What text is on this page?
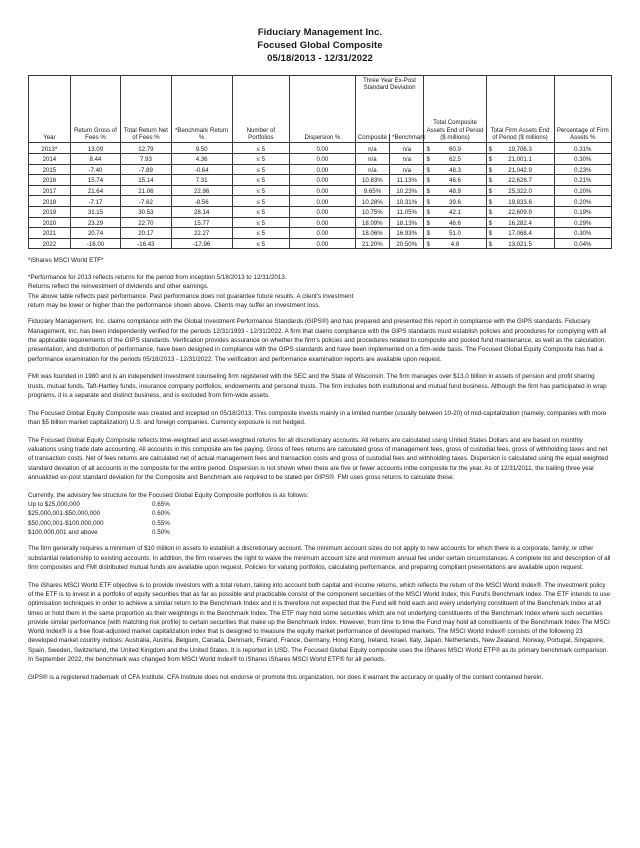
Fiduciary Management Inc.
Focused Global Composite
05/18/2013 - 12/31/2022
Year	Return Gross of Fees %	Total Return Net of Fees %	*Benchmark Return %	Number of Portfolios	Dispersion %	Three Year Ex-Post Standard Deviation		Total Composite Assets End of Period ($ millions)	Total Firm Assets End of Period ($ millions)	Percentage of Firm Assets %
						Composite	*Benchmark			
2013*	13.09	12.79	9.50	≤ 5	0.00	n/a	n/a	$ 60.9	$ 19,706.3	0.31%
2014	8.44	7.93	4.36	≤ 5	0.00	n/a	n/a	$ 62.5	$ 21,001.1	0.30%
2015	-7.40	-7.89	-0.64	≤ 5	0.00	n/a	n/a	$ 48.3	$ 21,042.9	0.23%
2016	15.74	15.14	7.31	≤ 5	0.00	10.83%	11.13%	$ 46.6	$ 22,626.7	0.21%
2017	21.64	21.06	22.96	≤ 5	0.00	9.65%	10.23%	$ 48.9	$ 25,322.0	0.20%
2018	-7.17	-7.62	-8.56	≤ 5	0.00	10.28%	10.31%	$ 39.6	$ 19,833.6	0.20%
2019	31.15	30.53	28.14	≤ 5	0.00	10.75%	11.05%	$ 42.1	$ 22,609.9	0.19%
2020	23.29	22.70	15.77	≤ 5	0.00	18.09%	18.13%	$ 46.6	$ 16,282.4	0.29%
2021	20.74	20.17	22.27	≤ 5	0.00	18.06%	16.93%	$ 51.0	$ 17,068.4	0.30%
2022	-16.00	-16.43	-17.96	≤ 5	0.00	21.20%	20.50%	$ 4.8	$ 13,021.5	0.04%

*iShares MSCI World ETF*

*Performance for 2013 reflects returns for the period from inception 5/18/2013 to 12/31/2013.

Returns reflect the reinvestment of dividends and other earnings.

The above table reflects past performance. Past performance does not guarantee future results. A client's investment

return may be lower or higher than the performance shown above. Clients may suffer an investment loss.

Fiduciary Management, Inc. claims compliance with the Global Investment Performance Standards (GIPS®) and has prepared and presented this report in compliance with the GIPS standards. Fiduciary Management, Inc. has been independently verified for the periods 12/31/1993 - 12/31/2022. A firm that claims compliance with the GIPS standards must establish policies and procedures for complying with all the applicable requirements of the GIPS standards. Verification provides assurance on whether the firm's policies and procedures related to composite and pooled fund maintenance, as well as the calculation, presentation, and distribution of performance, have been designed in compliance with the GIPS standards and have been implemented on a firm-wide basis. The Focused Global Equity Composite has had a performance examination for the periods 05/18/2013 - 12/31/2022. The verification and performance examination reports are available upon request.

FMI was founded in 1980 and is an independent investment counseling firm registered with the SEC and the State of Wisconsin. The firm manages over $13.0 billion in assets of pension and profit sharing trusts, mutual funds, Taft-Hartley funds, insurance company portfolios, endowments and personal trusts. The firm includes both institutional and mutual fund business. Although the firm has participated in wrap programs, it is a separate and distinct business, and is excluded from firm-wide assets.

The Focused Global Equity Composite was created and incepted on 05/18/2013. This composite invests mainly in a limited number (usually between 10-20) of mid-capitalization (namely, companies with more than $5 billion market capitalization) U.S. and foreign companies. Currency exposure is not hedged.

The Focused Global Equity Composite reflects time-weighted and asset-weighted returns for all discretionary accounts. All returns are calculated using United States Dollars and are based on monthly valuations using trade date accounting. All accounts in this composite are fee paying. Gross of fees returns are calculated gross of management fees, gross of custodial fees, gross of withholding taxes and net of transaction costs. Net of fees returns are calculated net of actual management fees and transaction costs and gross of custodial fees and withholding taxes. Dispersion is calculated using the equal weighted standard deviation of all accounts in the composite for the entire period. Dispersion is not shown when there are five or fewer accounts inthe composite for the year. As of 12/31/2011, the trailing three year annualized ex-post standard deviation for the Composite and Benchmark are required to be stated per GIPS®. FMI uses gross returns to calculate these.

Currently, the advisory fee structure for the Focused Global Equity Composite portfolios is as follows:

Up to $25,000,000	0.65%
$25,000,001-$50,000,000	0.60%
$50,000,001-$100,000,000	0.55%
$100,000,001 and above	0.50%

The firm generally requires a minimum of $10 million in assets to establish a discretionary account. The minimum account sizes do not apply to new accounts for which there is a corporate, family, or other substantial relationship to existing accounts. In addition, the firm reserves the right to waive the minimum account size and minimum annual fee under certain circumstances. A complete list and description of all firm composites and FMI distributed mutual funds are available upon request. Policies for valuing portfolios, calculating performance, and preparing compliant presentations are available upon request.

The iShares MSCI World ETF objective is to provide investors with a total return, taking into account both capital and income returns, which reflects the return of the MSCI World Index®. The investment policy of the ETF is to invest in a portfolio of equity securities that as far as possible and practicable consist of the component securities of the MSCI World Index, this Fund's Benchmark Index. The ETF intends to use optimisation techniques in order to achieve a similar return to the Benchmark Index and it is therefore not expected that the Fund will hold each and every underlying constituent of the Benchmark Index at all times or hold them in the same proportion as their weightings in the Benchmark Index. The ETF may hold some securities which are not underlying constituents of the Benchmark Index where such securities provide similar performance (with matching risk profile) to certain securities that make up the Benchmark Index. However, from time to time the Fund may hold all constituents of the Benchmark Index The MSCI World Index® is a free float-adjusted market capitalization index that is designed to measure the equity market performance of developed markets. The MSCI World Index® consists of the following 23 developed market country indices: Australia, Austria, Belgium, Canada, Denmark, Finland, France, Germany, Hong Kong, Ireland, Israel, Italy, Japan, Netherlands, New Zealand, Norway, Portugal, Singapore, Spain, Sweden, Switzerland, the United Kingdom and the United States. It is reported in USD. The Focused Global Equity composite uses the iShares MSCI World ETF® as its primary benchmark comparison. In September 2022, the benchmark was changed from MSCI World Index® to iShares iShares MSCI World ETF® for all periods.

GIPS® is a registered trademark of CFA Institute. CFA Institute does not endorse or promote this organization, nor does it warrant the accuracy or quality of the content contained herein.
